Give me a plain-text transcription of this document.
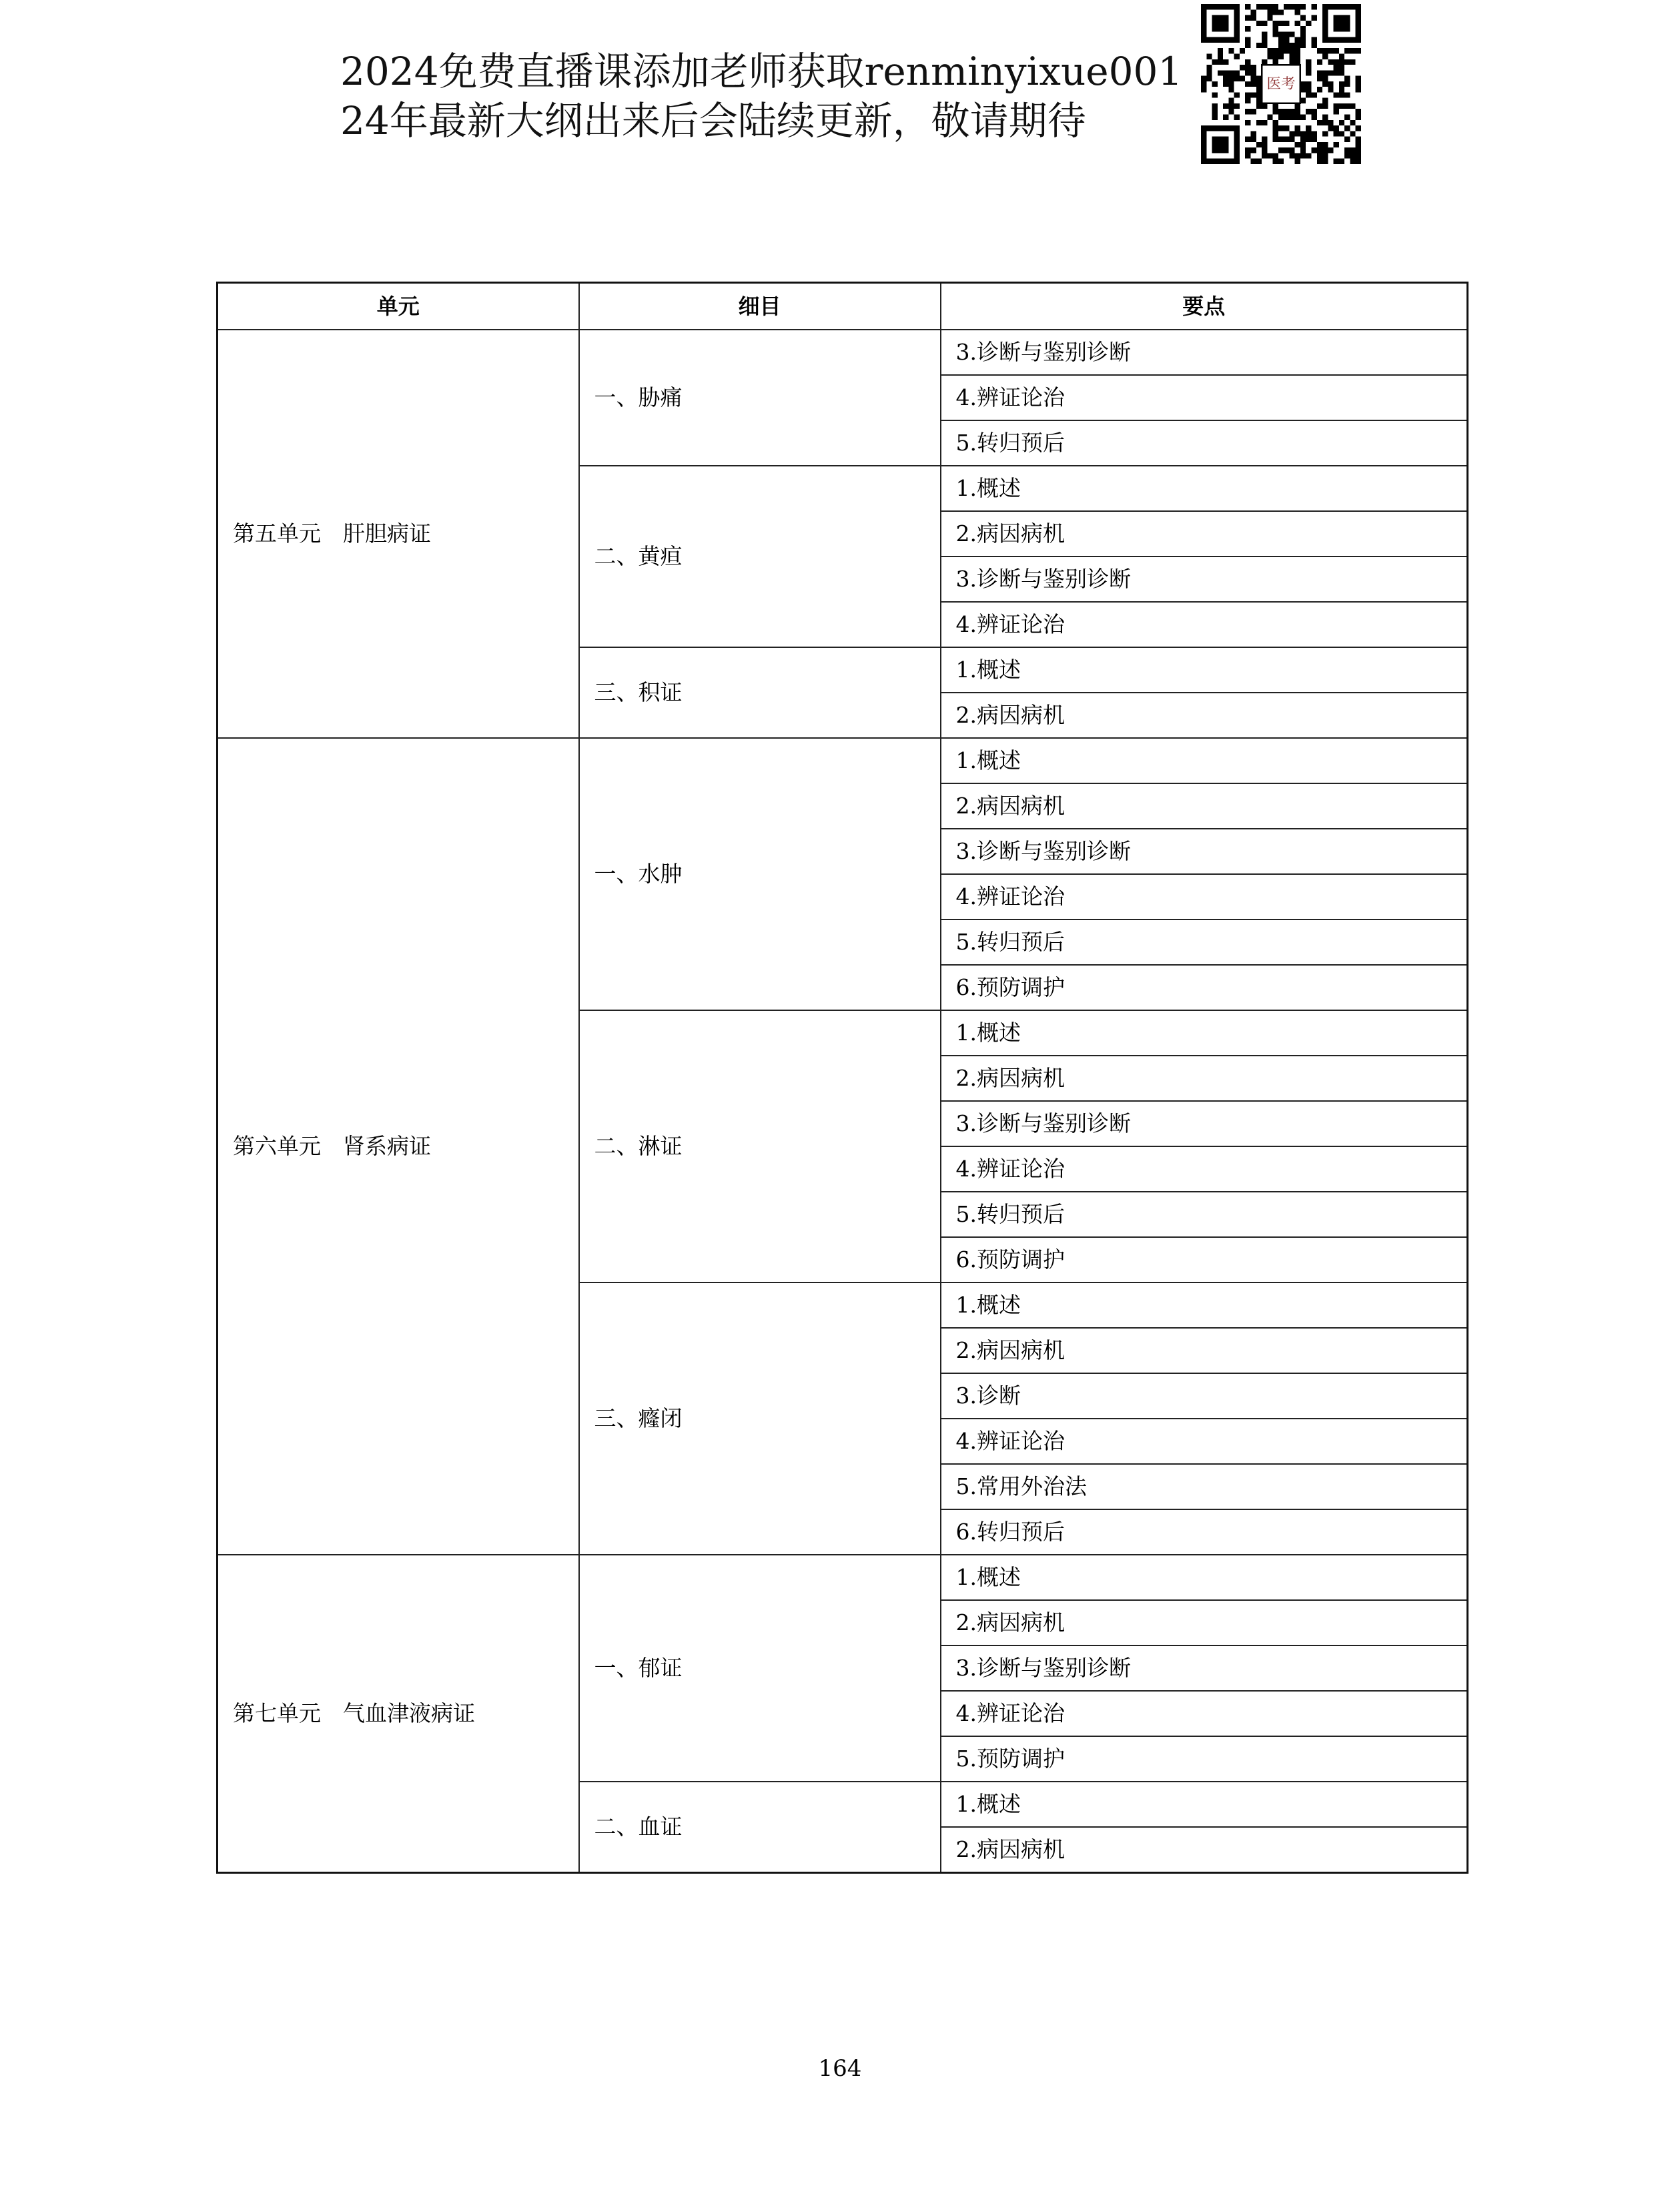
2024免费直播课添加老师获取renminyixue001
24年最新大纲出来后会陆续更新，敬请期待
医考
单元	细目	要点
第五单元　肝胆病证	一、胁痛	3.诊断与鉴别诊断
		4.辨证论治
		5.转归预后
	二、黄疸	1.概述
		2.病因病机
		3.诊断与鉴别诊断
		4.辨证论治
	三、积证	1.概述
		2.病因病机
第六单元　肾系病证	一、水肿	1.概述
		2.病因病机
		3.诊断与鉴别诊断
		4.辨证论治
		5.转归预后
		6.预防调护
	二、淋证	1.概述
		2.病因病机
		3.诊断与鉴别诊断
		4.辨证论治
		5.转归预后
		6.预防调护
	三、癃闭	1.概述
		2.病因病机
		3.诊断
		4.辨证论治
		5.常用外治法
		6.转归预后
第七单元　气血津液病证	一、郁证	1.概述
		2.病因病机
		3.诊断与鉴别诊断
		4.辨证论治
		5.预防调护
	二、血证	1.概述
		2.病因病机
164
